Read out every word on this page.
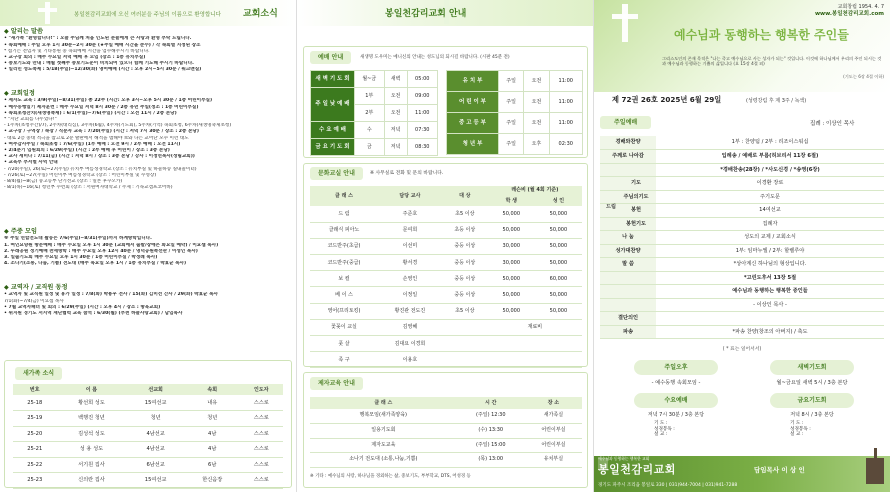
봉일천감리교회에 오신 여러분을 주님의 이름으로 환영합니다 교회소식
◆ 알리는 말씀
• "새가족 "환영합니다!" : 오늘 주님께 처음 인도된 분들에게 큰 사랑과 환영 부탁 드립니다.
• 속회예배 : 주일 오후 1시 30분~2시 30분 (★주일 예배 시간을 준수) / 각 속회별 지정된 장소
* 섭기는 전임자 및 기타통원 중 속회예배 시간을 엄수해주시기 바랍니다.
• 교구장 회의 : 매주 수요일 저녁 예배 후 모임 (장소 : 1층 유치부실)
• 중보기도와 만내 : 매월 첫째주 중보기도운이 비치되어 있으니 함께 기도해 주시기 바랍니다.
• 일리민 성도축제 : 5/18(주일)~12/30(화) 영어예배 (시간 : 오후 2시~5시 30분 / 워크맨실)
◆ 교회일정
• 제자도 교육 : 3/9(주일)~8/31(주일) 총 22주 (시간: 오후 3시~오후 5시 30분 / 1층 어린이부실)
• 예수동행일기 제자훈련 : 매주 수요일 저녁 8시 30분 / 2층 유년 주일(정소 : 1층 어린이부실)
• 속회초청잔치(새생명축제) : 6/1(주일)~7/6(주일) (시간 : 오전 11시 / 2층 본당)
* "지난 교회를 나누었다!"
- 1주차(초청주간)/7), 2주차(대리심), 3주차(6월), 4주차(기도회), 5주차(기억) 속회초청, 6주차(새생명축제초청)
• 교구장 / 구역장 / 속장 / 직분자 교육 : 7/20(주일) (시간 : 저녁 7시 30분 / 장소 : 2층 본당)
- 대로 2층 중대 적극을 참고로 2분 발판에서 해적을 범해야 보와 나는 교어난 모수 이런 대도
• 여주감사주일 / 속회초청 : 7/6(주일) (1부 예배 : 오전 9시 / 2부 예배 : 오전 11시)
• 2/4분기 임원회의 : 6/29(주일) (시간 : 2부 예배 후 어린이 / 장소 : 3층 본당)
• 교사 세미나 : 7/11(금) (시간 : 저녁 8시 / 장소 : 3층 본당 / 강사 : 이정연목사(성림교회))
• 교육부 부서별 사역 안내
- 7/20(주일), 26(토)~27(주일) 유치부 여름성경학교 (장소 : 유치부실 및 하늘하승 실내놀이터)
- 7/26(토)~27(주일) 어린이부 여름성경학교 (장소 : 어린이부실 및 수영장)
- 8/4(월)~8(금) 중고등부 단기선교 (장소 : 일본 후쿠오카)
- 8/1(목)~16(토) 청년부 수련회 (장소 : 서원여자대학교 / 주제 : 기독교캠프코어바)
◆ 주중 모임
※ 주일 연합전도대 활동은 7/6(주일)~8/31(주일)까지 하계방학입니다.
1. 여인요양원 방문예배 : 매주 수요일 오후 1시 30분 (교회에서 출발/장애은 화요일 예약) / 이요셉 목사)
2. 두레공원 정기예배 찬세방학 : 매주 수요일 오후 12시 40분 / 영덕공원족선관 / 이성인 목사)
3. 일출기도회 매주 수요일 오후 1시 30분 / 1층 어린이부실 / 박정례 목사)
4. 소나기(소통, 나눔, 기쁨) 전도대 (매주 목요일 오후 1시 / 1층 유치부실 / 박효균 목사)
◆ 교역자 / 교직원 동정
• 교역자 및 교직원 일정 및 휴가 일정 : 7/8(화) 박용우 전사 / 15(화) 김미선 간사 / 29(화) 박효균 목사
7/1(화)~7/4(금) 이요셉 목사
• 7월 교역자패녀 및 회의 : 6/29(주일) (시간 : 오후 4시 / 장소 : 방육교회)
• 위지원 경기도 서지역 재단협력 교육 참석 : 6/30(월) (부천 하늘사랑교회) / 담임목사
새가족 소식
번호	이 름	선교회	속회	인도자
25-18	황선희 성도	15여선교	내유	스스로
25-19	백행진 청년	청년	청년	스스로
25-20	김성석 성도	4남선교	4남	스스로
25-21	성 용 성도	4남선교	4남	스스로
25-22	서기원 집사	6남선교	6남	스스로
25-23	신의란 집사	15여선교	한신음장	스스로
봉일천감리교회 안내
예배 안내	새생명 도우미는 예니신의 안내는 성도님의 되시길 바랍니다. (시판 45분 전)
새 벽 기 도 회	월~금	새벽	05:00
주 일 낮 예 배	1부	오전	09:00
	2부	오전	11:00
수 요 예 배	수	저녁	07:30
금 요 기 도 회	금	저녁	08:30
유 치 부	주일	오전	11:00
어 린 이 부	주일	오전	11:00
중 고 등 부	주일	오전	11:00
청 년 부	주일	오후	02:30
문화교실 안내	※ 사무실로 전화 및 문의 바랍니다.
클 래 스	담당 교사	대 상	레슨비 (월 4회 기준)	
			학 생	성 인
드 럼	주준호	초5 이상	50,000	50,000
클래식 피아노	문여희	초등 이상	50,000	50,000
코드반주(초급)	이선미	중등 이상	30,000	50,000
코드반주(중급)	황서경	중등 이상	30,000	50,000
보 컬	손영인	중등 이상	50,000	60,000
베 이 스	이정일	중등 이상	50,000	50,000
영어(프리토킹)	황진관 전도진	초5 이상	50,000	50,000
꽃꽂이 교실	김영혜		재료비	
풋 살	김대요 이경희			
족 구	이용호			
제자교육 안내
클 래 스	시 간	장 소
행복모임(새가족양육)	(주일) 12:30	새가족실
일용기도회	(수) 13:30	어린이부실
제자도교육	(주일) 15:00	어린이부실
소나기 전도대 (소통,나눔,기쁨)	(목) 13:00	유치부실
※ 기타 : 예수님의 사랑, 하나님을 경외하는 삶, 중보기도, 부부학교, DTS, 어성경 등
교회창립 1954. 4. 7
www.봉일천감리교회.com
예수님과 동행하는 행복한 주인들
그리스도인의 존재 목적은 "나는 죽고 예수님으로 사는 성자가 되는" 것입니다. 이것에 하나님께서 우리의 주인 되시는 것과 예수님과 동행하는 기쁨의 삶입니다 (요 15장 4절 외)
(기도는 6장 4절 이하)
제 72권 26호 2025년 6월 29일	(성령강림 후 제 3주 / 녹색)
주일예배	집례 : 이상인 목사
경배와찬양	1부 : 찬양팀 / 2부 : 리조이스워십
주께로 나아감	입례송 / 예배로 부름(허브리서 11장 6절)
	*경배찬송(28장) / *사도신경 / *송영(6장)
기도	이경환 장로
주님의기도	주기도문
봉헌	14여선교
봉헌기도	집례자
나 눔	성도의 교제 / 교회소식
성가대찬양	1부: 임마누엘 / 2부: 할렐루야
말 씀	*상아계신 하나님의 형상입니다.
	*고린도후서 13장 5절
	예수님과 동행하는 행복한 증인들
	- 이상인 목사 -
결단의인	
파송	*파송 찬양(창조의 아버지) / 축도
드림
( * 표는 일어서서)
주일오후	새벽기도회
- 예수동행 속회모임 -	월~금요일 새벽 5시 / 3층 본당
수요예배	금요기도회
저녁 7시 30분 / 3층 본당	저녁 8시 / 3층 본당
기 도 :
성경봉독 :
설 교 :
기 도 :
성경봉독 :
설 교 :
예수님과 동행하는 행복한 교회
봉일천감리교회	담임목사 이 상 인
경기도 파주시 조리읍 봉일로 330 | 031)944-7004 | 031)941-7288
